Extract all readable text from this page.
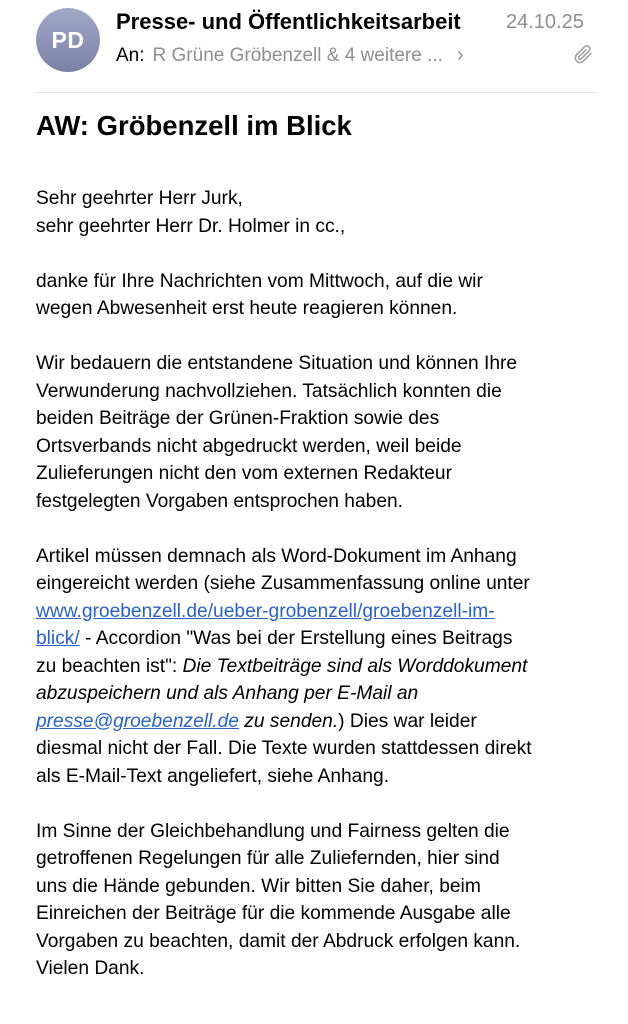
PD
Presse- und Öffentlichkeitsarbeit	24.10.25
An: R Grüne Gröbenzell & 4 weitere ... ›
AW: Gröbenzell im Blick
Sehr geehrter Herr Jurk,
sehr geehrter Herr Dr. Holmer in cc.,
danke für Ihre Nachrichten vom Mittwoch, auf die wir
wegen Abwesenheit erst heute reagieren können.
Wir bedauern die entstandene Situation und können Ihre
Verwunderung nachvollziehen. Tatsächlich konnten die
beiden Beiträge der Grünen-Fraktion sowie des
Ortsverbands nicht abgedruckt werden, weil beide
Zulieferungen nicht den vom externen Redakteur
festgelegten Vorgaben entsprochen haben.
Artikel müssen demnach als Word-Dokument im Anhang
eingereicht werden (siehe Zusammenfassung online unter
www.groebenzell.de/ueber-grobenzell/groebenzell-im-
blick/ - Accordion "Was bei der Erstellung eines Beitrags
zu beachten ist": Die Textbeiträge sind als Worddokument
abzuspeichern und als Anhang per E-Mail an
presse@groebenzell.de zu senden.) Dies war leider
diesmal nicht der Fall. Die Texte wurden stattdessen direkt
als E-Mail-Text angeliefert, siehe Anhang.
Im Sinne der Gleichbehandlung und Fairness gelten die
getroffenen Regelungen für alle Zuliefernden, hier sind
uns die Hände gebunden. Wir bitten Sie daher, beim
Einreichen der Beiträge für die kommende Ausgabe alle
Vorgaben zu beachten, damit der Abdruck erfolgen kann.
Vielen Dank.
